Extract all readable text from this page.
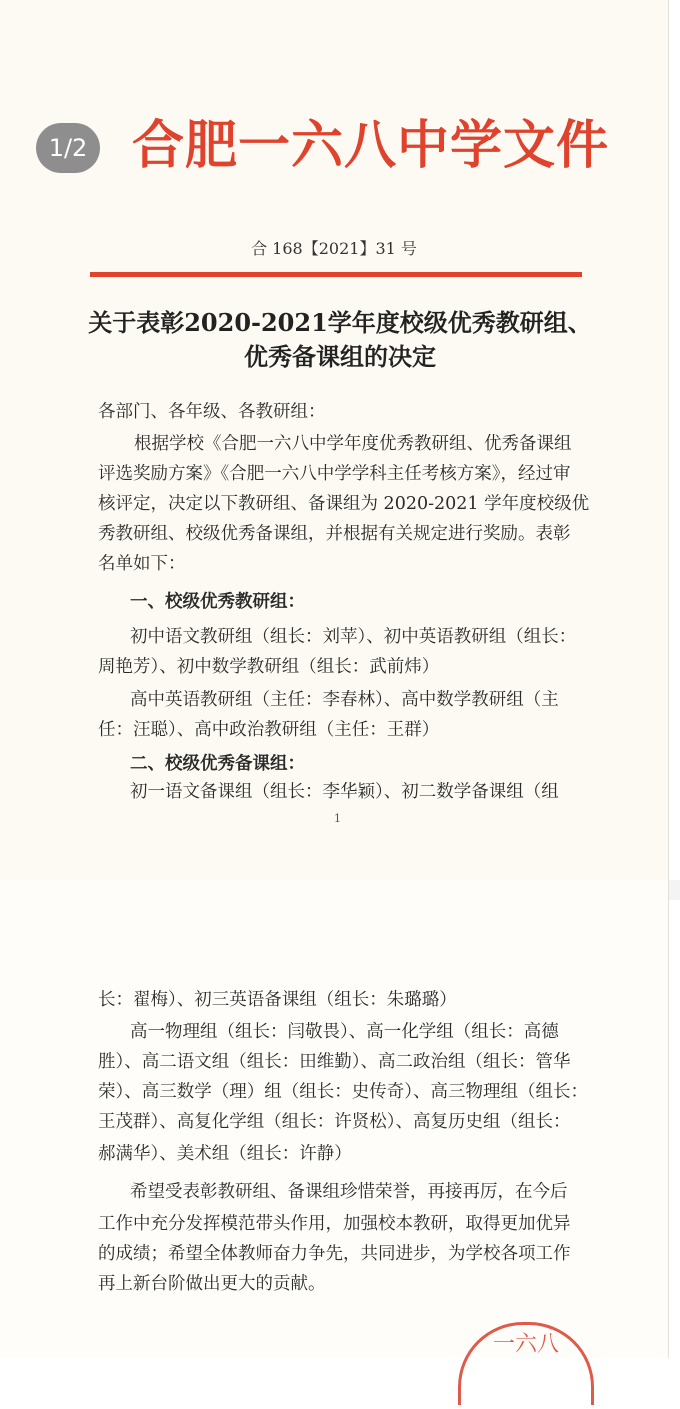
合肥一六八中学文件
1/2
合 168【2021】31 号
关于表彰2020-2021学年度校级优秀教研组、
优秀备课组的决定
各部门、各年级、各教研组：
根据学校《合肥一六八中学年度优秀教研组、优秀备课组
评选奖励方案》《合肥一六八中学学科主任考核方案》，经过审
核评定，决定以下教研组、备课组为 2020-2021 学年度校级优
秀教研组、校级优秀备课组，并根据有关规定进行奖励。表彰
名单如下：
一、校级优秀教研组：
初中语文教研组（组长：刘苹）、初中英语教研组（组长：
周艳芳）、初中数学教研组（组长：武前炜）
高中英语教研组（主任：李春林）、高中数学教研组（主
任：汪聪）、高中政治教研组（主任：王群）
二、校级优秀备课组：
初一语文备课组（组长：李华颖）、初二数学备课组（组
1
长：翟梅）、初三英语备课组（组长：朱璐璐）
高一物理组（组长：闫敬畏）、高一化学组（组长：高德
胜）、高二语文组（组长：田维勤）、高二政治组（组长：管华
荣）、高三数学（理）组（组长：史传奇）、高三物理组（组长：
王茂群）、高复化学组（组长：许贤松）、高复历史组（组长：
郝满华）、美术组（组长：许静）
希望受表彰教研组、备课组珍惜荣誉，再接再厉，在今后
工作中充分发挥模范带头作用，加强校本教研，取得更加优异
的成绩；希望全体教师奋力争先，共同进步，为学校各项工作
再上新台阶做出更大的贡献。
一六八
